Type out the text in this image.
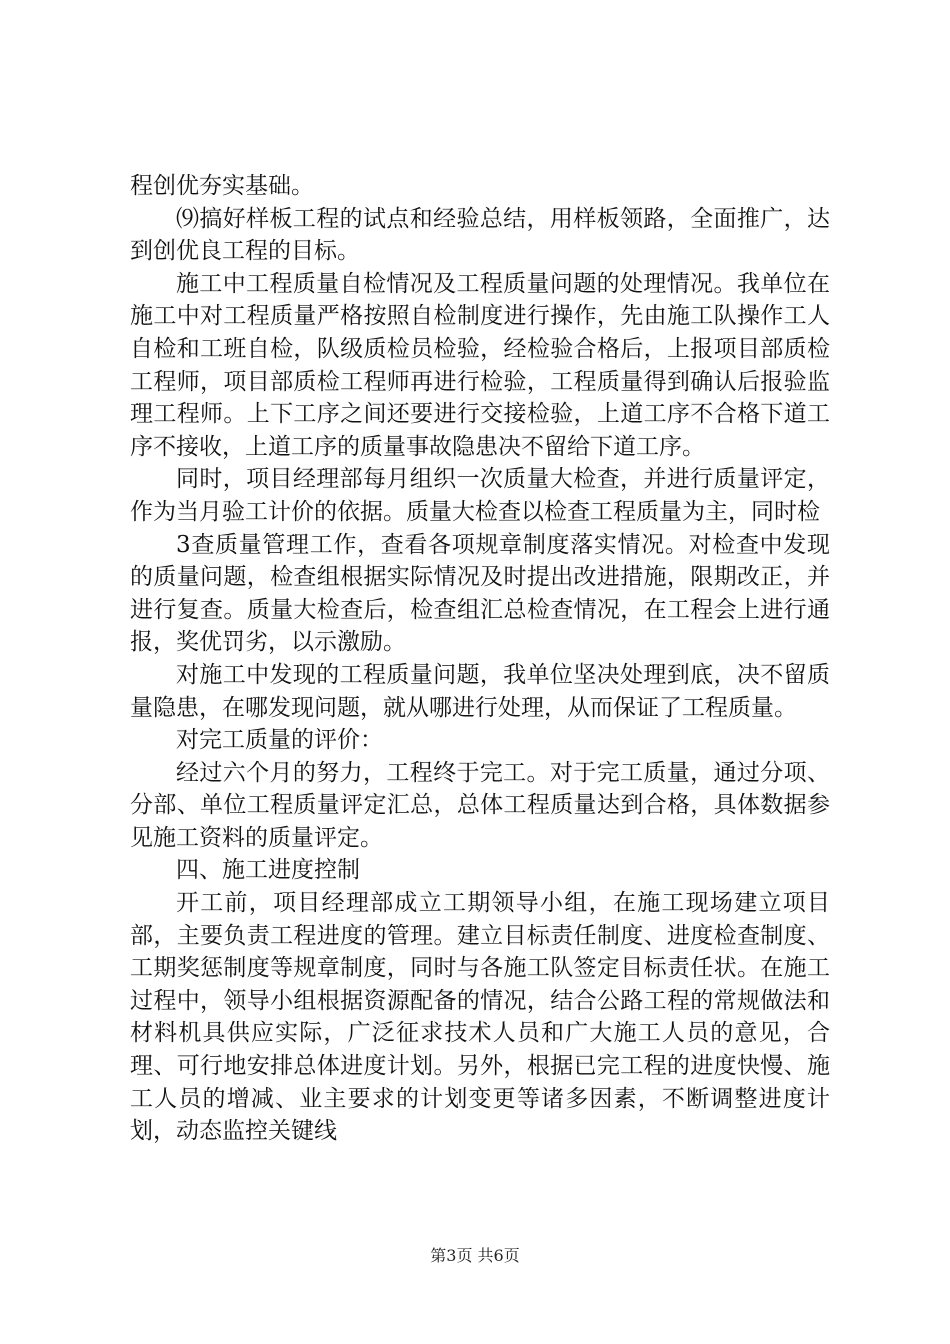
程创优夯实基础。

⑼搞好样板工程的试点和经验总结，用样板领路，全面推广，达到创优良工程的目标。

施工中工程质量自检情况及工程质量问题的处理情况。我单位在施工中对工程质量严格按照自检制度进行操作，先由施工队操作工人自检和工班自检，队级质检员检验，经检验合格后，上报项目部质检工程师，项目部质检工程师再进行检验，工程质量得到确认后报验监理工程师。上下工序之间还要进行交接检验，上道工序不合格下道工序不接收，上道工序的质量事故隐患决不留给下道工序。

同时，项目经理部每月组织一次质量大检查，并进行质量评定，作为当月验工计价的依据。质量大检查以检查工程质量为主，同时检

3查质量管理工作，查看各项规章制度落实情况。对检查中发现的质量问题，检查组根据实际情况及时提出改进措施，限期改正，并进行复查。质量大检查后，检查组汇总检查情况，在工程会上进行通报，奖优罚劣，以示激励。

对施工中发现的工程质量问题，我单位坚决处理到底，决不留质量隐患，在哪发现问题，就从哪进行处理，从而保证了工程质量。

对完工质量的评价：

经过六个月的努力，工程终于完工。对于完工质量，通过分项、分部、单位工程质量评定汇总，总体工程质量达到合格，具体数据参见施工资料的质量评定。

四、施工进度控制

开工前，项目经理部成立工期领导小组，在施工现场建立项目部，主要负责工程进度的管理。建立目标责任制度、进度检查制度、工期奖惩制度等规章制度，同时与各施工队签定目标责任状。在施工过程中，领导小组根据资源配备的情况，结合公路工程的常规做法和材料机具供应实际，广泛征求技术人员和广大施工人员的意见，合理、可行地安排总体进度计划。另外，根据已完工程的进度快慢、施工人员的增减、业主要求的计划变更等诸多因素，不断调整进度计划，动态监控关键线

第3页 共6页
